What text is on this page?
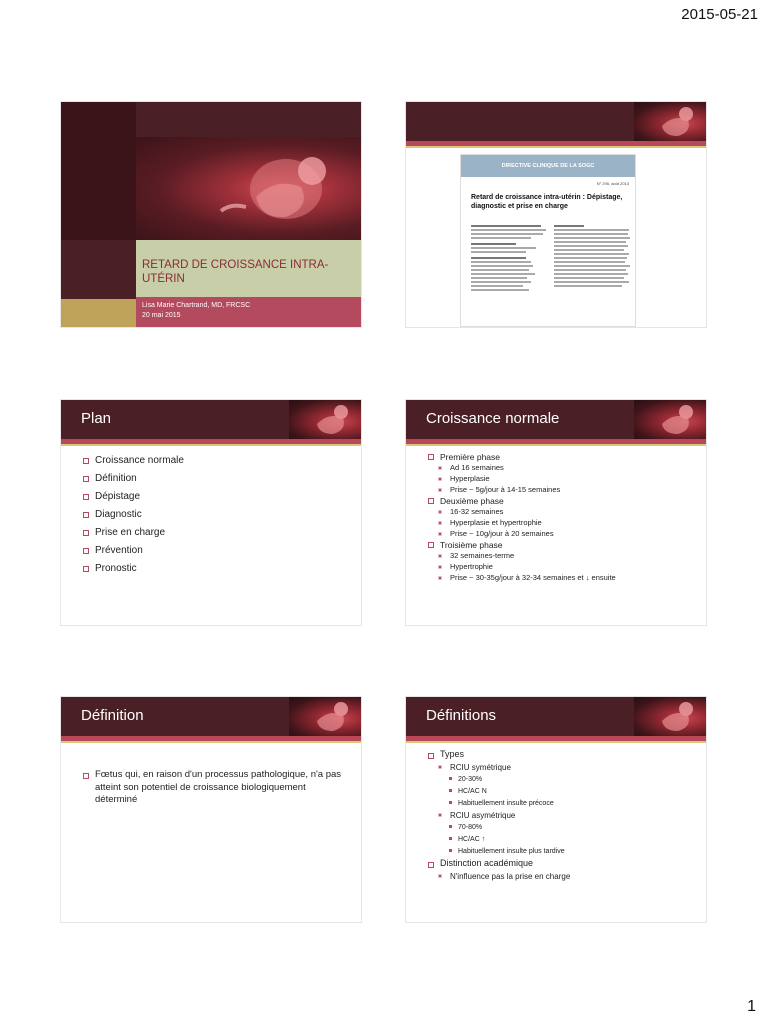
2015-05-21
RETARD DE CROISSANCE INTRA-UTÉRIN
Lisa Marie Chartrand, MD, FRCSC
20 mai 2015
DIRECTIVE CLINIQUE DE LA SOGC
N° 295, août 2013
Retard de croissance intra-utérin : Dépistage, diagnostic et prise en charge
Plan
Croissance normale
Définition
Dépistage
Diagnostic
Prise en charge
Prévention
Pronostic
Croissance normale
Première phase
Ad 16 semaines
Hyperplasie
Prise ~ 5g/jour à 14-15 semaines
Deuxième phase
16-32 semaines
Hyperplasie et hypertrophie
Prise ~ 10g/jour à 20 semaines
Troisième phase
32 semaines-terme
Hypertrophie
Prise ~ 30-35g/jour à 32-34 semaines et ↓ ensuite
Définition
Fœtus qui, en raison d'un processus pathologique, n'a pas atteint son potentiel de croissance biologiquement déterminé
Définitions
Types
RCIU symétrique
20-30%
HC/AC N
Habituellement insulte précoce
RCIU asymétrique
70-80%
HC/AC ↑
Habituellement insulte plus tardive
Distinction académique
N'influence pas la prise en charge
1
